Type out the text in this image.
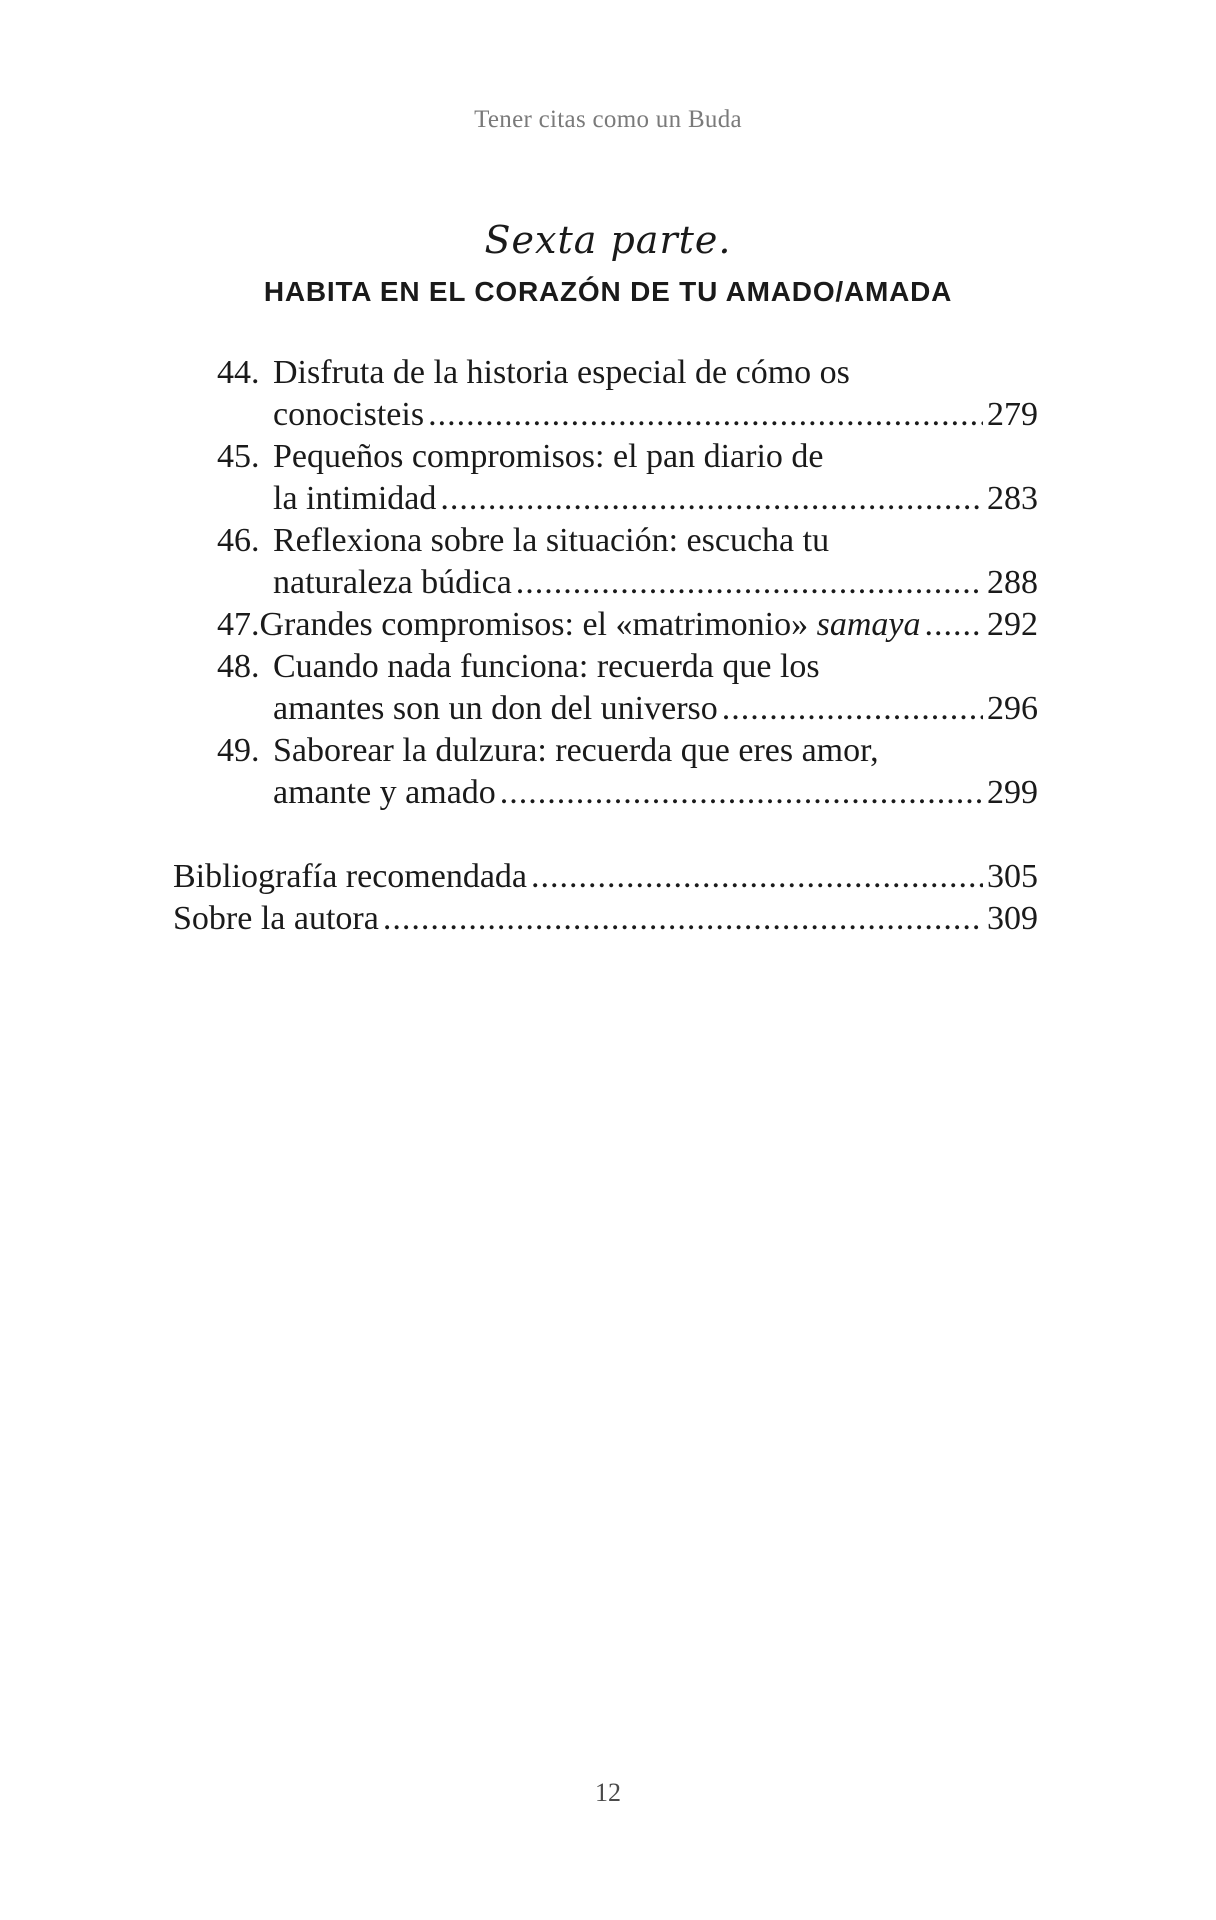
Tener citas como un Buda
Sexta parte.
HABITA EN EL CORAZÓN DE TU AMADO/AMADA
44. Disfruta de la historia especial de cómo os
conocisteis .....	279
45. Pequeños compromisos: el pan diario de
la intimidad .....	283
46. Reflexiona sobre la situación: escucha tu
naturaleza búdica .....	288
47. Grandes compromisos: el «matrimonio» samaya ..... 292
48. Cuando nada funciona: recuerda que los
amantes son un don del universo .....	296
49. Saborear la dulzura: recuerda que eres amor,
amante y amado .....	299
Bibliografía recomendada .....	305
Sobre la autora .....	309
12
